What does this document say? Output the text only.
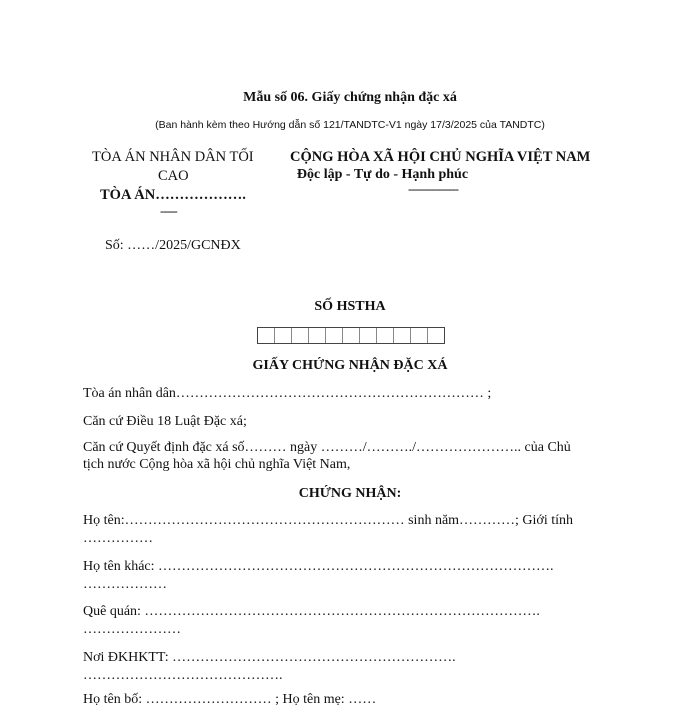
Mẫu số 06. Giấy chứng nhận đặc xá
(Ban hành kèm theo Hướng dẫn số 121/TANDTC-V1 ngày 17/3/2025 của TANDTC)
TÒA ÁN NHÂN DÂN TỐI
CAO
TÒA ÁN……………….
-----
CỘNG HÒA XÃ HỘI CHỦ NGHĨA VIỆT NAM
Độc lập - Tự do - Hạnh phúc
---------------
Số: ……/2025/GCNĐX
SỐ HSTHA
GIẤY CHỨNG NHẬN ĐẶC XÁ
Tòa án nhân dân………………………………………………………… ;
Căn cứ Điều 18 Luật Đặc xá;
Căn cứ Quyết định đặc xá số……… ngày ………/………./………………….. của Chủ
tịch nước Cộng hòa xã hội chủ nghĩa Việt Nam,
CHỨNG NHẬN:
Họ tên:…………………………………………………… sinh năm…………; Giới tính
……………
Họ tên khác: ………………………………………………………………………….
………………
Quê quán: ………………………………………………………………………….
…………………
Nơi ĐKHKTT: …………………………………………………….
…………………………………….
Họ tên bố: ……………………… ; Họ tên mẹ: ……
